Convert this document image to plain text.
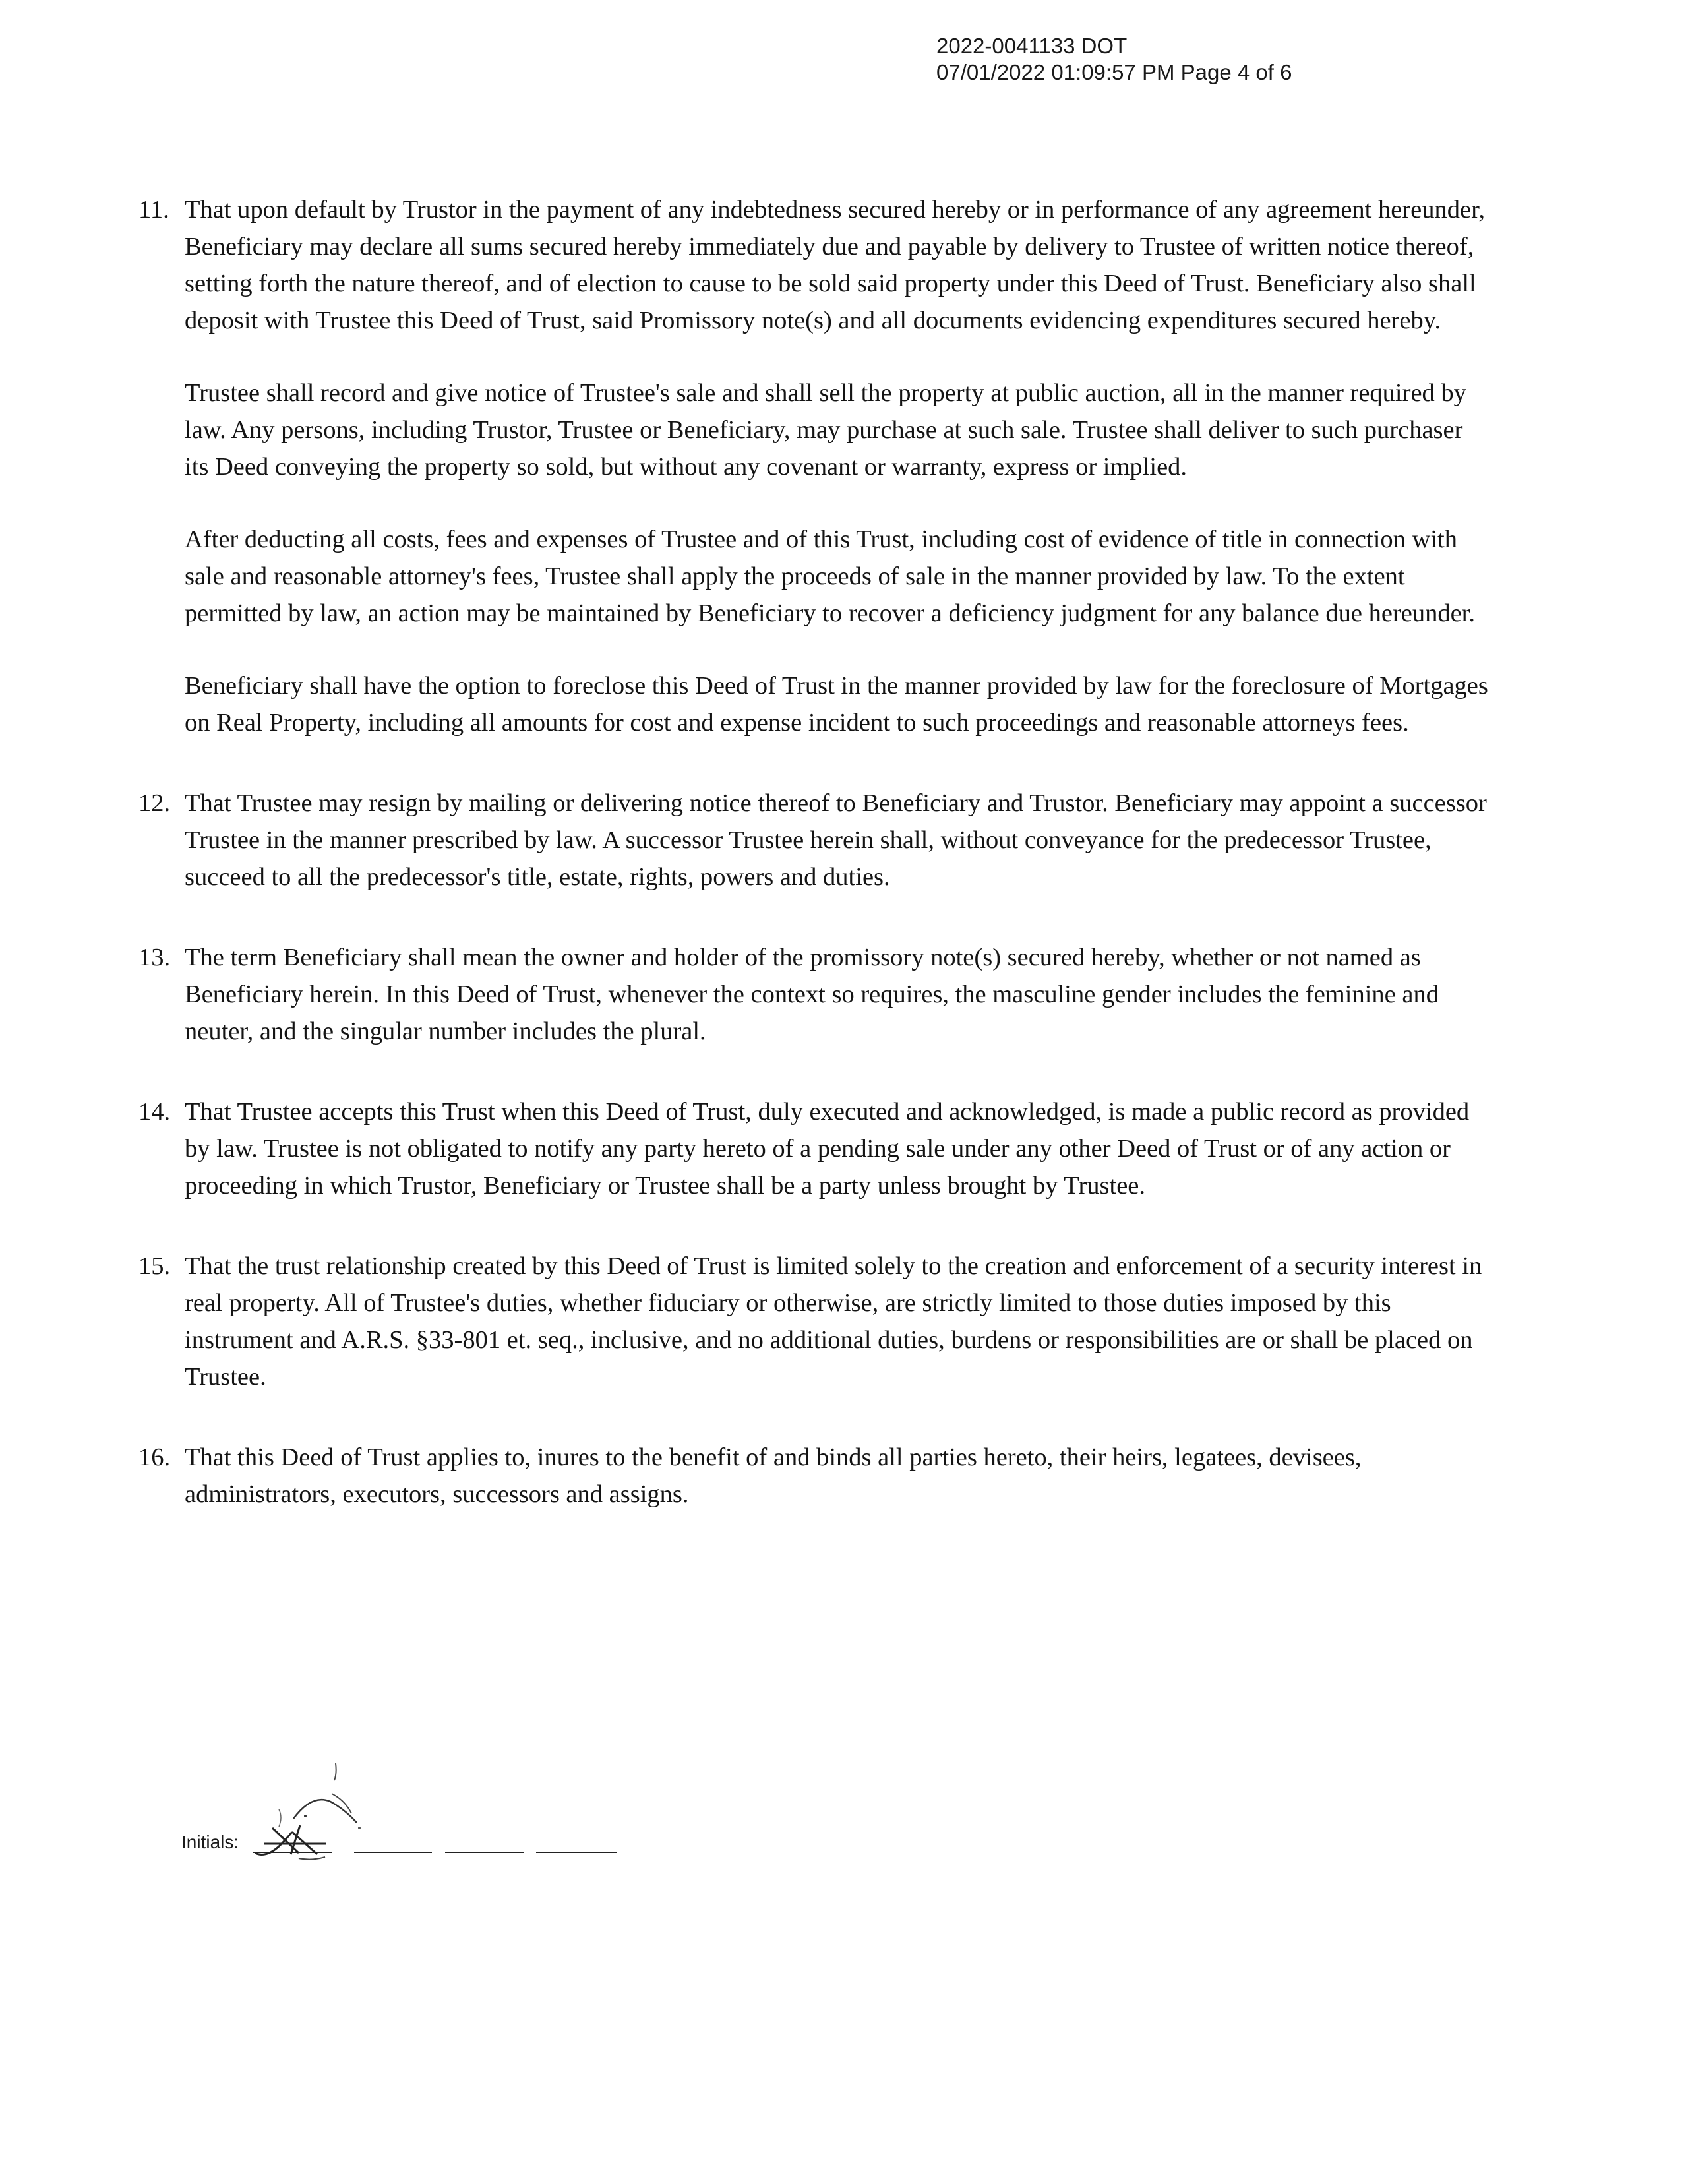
2022-0041133 DOT
07/01/2022 01:09:57 PM Page 4 of 6
11. That upon default by Trustor in the payment of any indebtedness secured hereby or in performance of any agreement hereunder, Beneficiary may declare all sums secured hereby immediately due and payable by delivery to Trustee of written notice thereof, setting forth the nature thereof, and of election to cause to be sold said property under this Deed of Trust. Beneficiary also shall deposit with Trustee this Deed of Trust, said Promissory note(s) and all documents evidencing expenditures secured hereby.

Trustee shall record and give notice of Trustee's sale and shall sell the property at public auction, all in the manner required by law. Any persons, including Trustor, Trustee or Beneficiary, may purchase at such sale. Trustee shall deliver to such purchaser its Deed conveying the property so sold, but without any covenant or warranty, express or implied.

After deducting all costs, fees and expenses of Trustee and of this Trust, including cost of evidence of title in connection with sale and reasonable attorney's fees, Trustee shall apply the proceeds of sale in the manner provided by law. To the extent permitted by law, an action may be maintained by Beneficiary to recover a deficiency judgment for any balance due hereunder.

Beneficiary shall have the option to foreclose this Deed of Trust in the manner provided by law for the foreclosure of Mortgages on Real Property, including all amounts for cost and expense incident to such proceedings and reasonable attorneys fees.

12. That Trustee may resign by mailing or delivering notice thereof to Beneficiary and Trustor. Beneficiary may appoint a successor Trustee in the manner prescribed by law. A successor Trustee herein shall, without conveyance for the predecessor Trustee, succeed to all the predecessor's title, estate, rights, powers and duties.

13. The term Beneficiary shall mean the owner and holder of the promissory note(s) secured hereby, whether or not named as Beneficiary herein. In this Deed of Trust, whenever the context so requires, the masculine gender includes the feminine and neuter, and the singular number includes the plural.

14. That Trustee accepts this Trust when this Deed of Trust, duly executed and acknowledged, is made a public record as provided by law. Trustee is not obligated to notify any party hereto of a pending sale under any other Deed of Trust or of any action or proceeding in which Trustor, Beneficiary or Trustee shall be a party unless brought by Trustee.

15. That the trust relationship created by this Deed of Trust is limited solely to the creation and enforcement of a security interest in real property. All of Trustee's duties, whether fiduciary or otherwise, are strictly limited to those duties imposed by this instrument and A.R.S. §33-801 et. seq., inclusive, and no additional duties, burdens or responsibilities are or shall be placed on Trustee.

16. That this Deed of Trust applies to, inures to the benefit of and binds all parties hereto, their heirs, legatees, devisees, administrators, executors, successors and assigns.

Initials:
